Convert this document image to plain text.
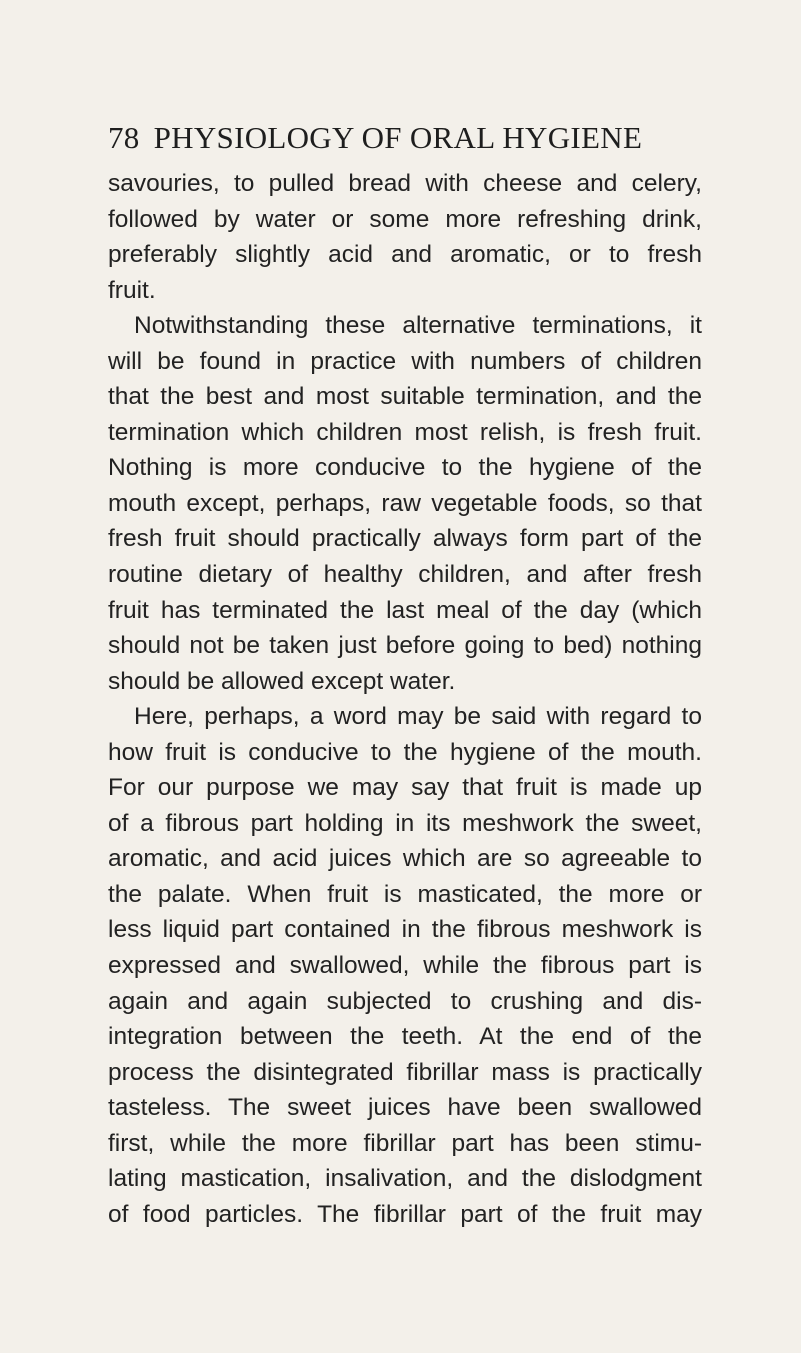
78 PHYSIOLOGY OF ORAL HYGIENE
savouries, to pulled bread with cheese and celery,
followed by water or some more refreshing drink,
preferably slightly acid and aromatic, or to fresh
fruit.
Notwithstanding these alternative terminations, it
will be found in practice with numbers of children
that the best and most suitable termination, and the
termination which children most relish, is fresh fruit.
Nothing is more conducive to the hygiene of the
mouth except, perhaps, raw vegetable foods, so that
fresh fruit should practically always form part of the
routine dietary of healthy children, and after fresh
fruit has terminated the last meal of the day (which
should not be taken just before going to bed) nothing
should be allowed except water.
Here, perhaps, a word may be said with regard to
how fruit is conducive to the hygiene of the mouth.
For our purpose we may say that fruit is made up
of a fibrous part holding in its meshwork the sweet,
aromatic, and acid juices which are so agreeable to
the palate. When fruit is masticated, the more or
less liquid part contained in the fibrous meshwork is
expressed and swallowed, while the fibrous part is
again and again subjected to crushing and dis-
integration between the teeth. At the end of the
process the disintegrated fibrillar mass is practically
tasteless. The sweet juices have been swallowed
first, while the more fibrillar part has been stimu-
lating mastication, insalivation, and the dislodgment
of food particles. The fibrillar part of the fruit may
